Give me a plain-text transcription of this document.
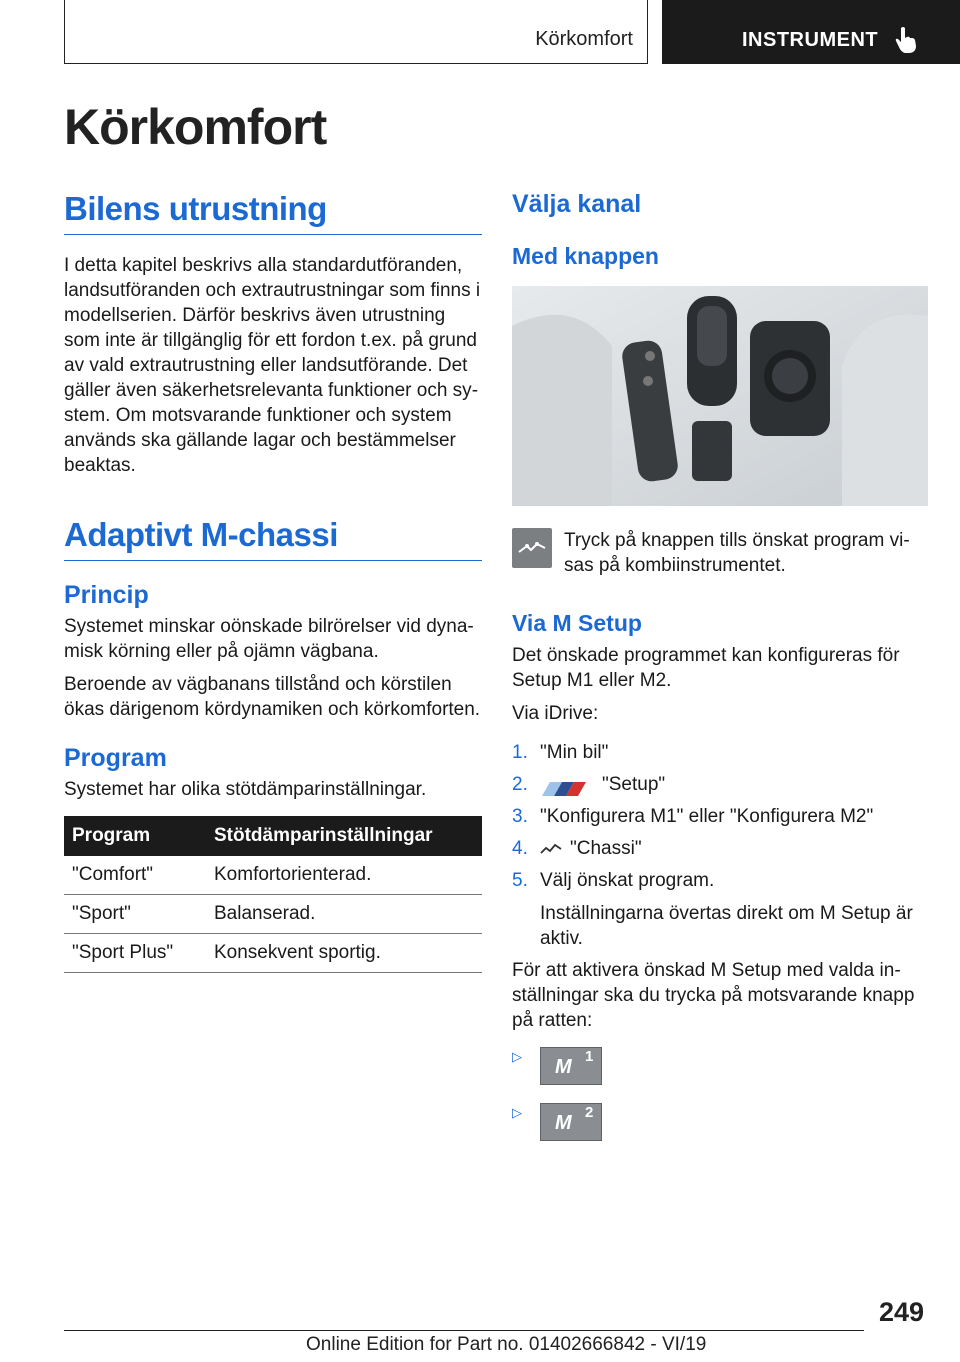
Körkomfort	INSTRUMENT
Körkomfort
Bilens utrustning

I detta kapitel beskrivs alla standardutföranden, landsutföranden och extrautrustningar som finns i modellserien. Därför beskrivs även utrustning som inte är tillgänglig för ett fordon t.ex. på grund av vald extrautrustning eller landsutförande. Det gäller även säkerhetsrelevanta funktioner och system. Om motsvarande funktioner och system används ska gällande lagar och bestämmelser beaktas.

Adaptivt M-chassi
Princip

Systemet minskar oönskade bilrörelser vid dynamisk körning eller på ojämn vägbana.

Beroende av vägbanans tillstånd och körstilen ökas därigenom kördynamiken och körkomforten.

Program

Systemet har olika stötdämparinställningar.

Program	Stötdämparinställningar
"Comfort"	Komfortorienterad.
"Sport"	Balanserad.
"Sport Plus"	Konsekvent sportig.
Välja kanal
Med knappen

Tryck på knappen tills önskat program visas på kombiinstrumentet.

Via M Setup

Det önskade programmet kan konfigureras för Setup M1 eller M2.

Via iDrive:

1. "Min bil"
2.	"Setup"
3. "Konfigurera M1" eller "Konfigurera M2"
4. "Chassi"
5. Välj önskat program.
Inställningarna övertas direkt om M Setup är aktiv.

För att aktivera önskad M Setup med valda inställningar ska du trycka på motsvarande knapp på ratten:

▷	M 1
▷	M 2
249
Online Edition for Part no. 01402666842 - VI/19
